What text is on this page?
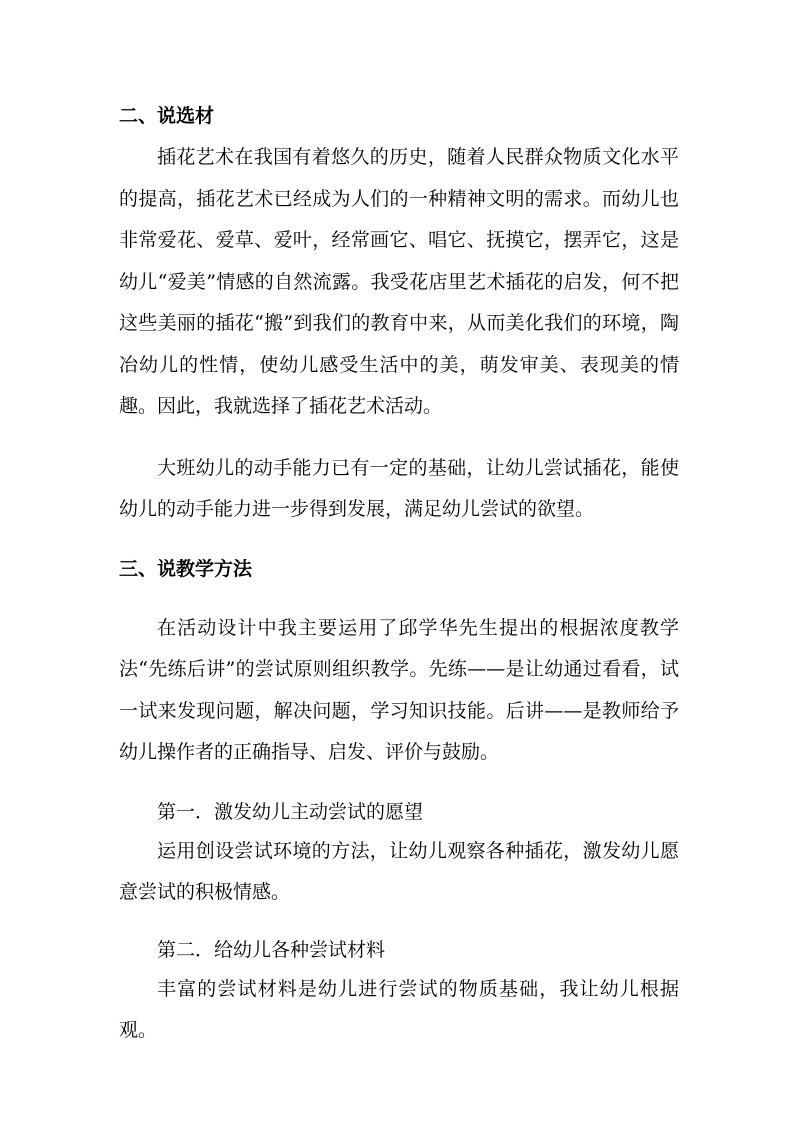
二、说选材

插花艺术在我国有着悠久的历史，随着人民群众物质文化水平的提高，插花艺术已经成为人们的一种精神文明的需求。而幼儿也非常爱花、爱草、爱叶，经常画它、唱它、抚摸它，摆弄它，这是幼儿“爱美”情感的自然流露。我受花店里艺术插花的启发，何不把这些美丽的插花“搬”到我们的教育中来，从而美化我们的环境，陶冶幼儿的性情，使幼儿感受生活中的美，萌发审美、表现美的情趣。因此，我就选择了插花艺术活动。

大班幼儿的动手能力已有一定的基础，让幼儿尝试插花，能使幼儿的动手能力进一步得到发展，满足幼儿尝试的欲望。

三、说教学方法

在活动设计中我主要运用了邱学华先生提出的根据浓度教学法“先练后讲”的尝试原则组织教学。先练——是让幼通过看看，试一试来发现问题，解决问题，学习知识技能。后讲——是教师给予幼儿操作者的正确指导、启发、评价与鼓励。

第一．激发幼儿主动尝试的愿望

运用创设尝试环境的方法，让幼儿观察各种插花，激发幼儿愿意尝试的积极情感。

第二．给幼儿各种尝试材料

丰富的尝试材料是幼儿进行尝试的物质基础，我让幼儿根据观。
